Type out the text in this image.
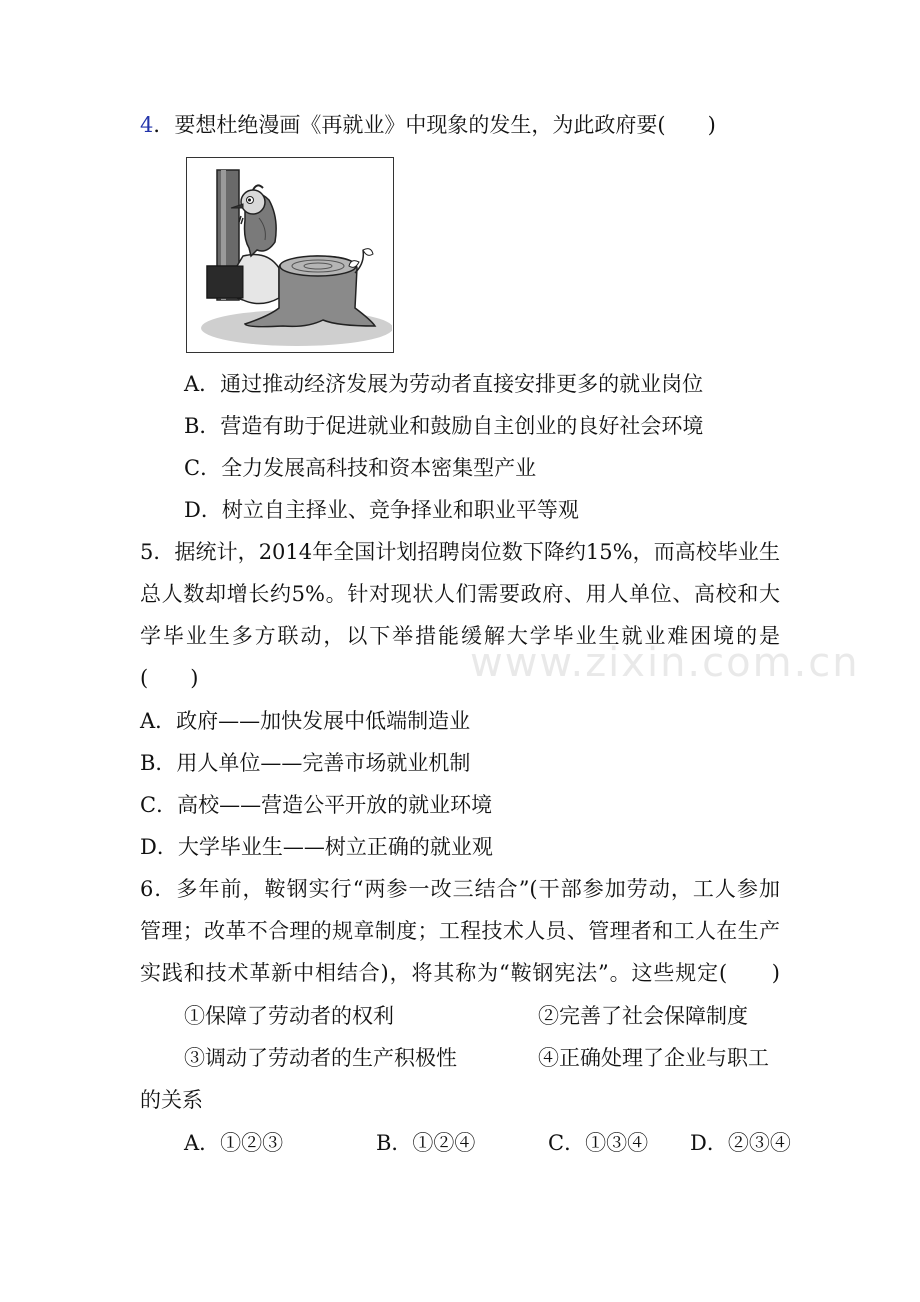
4．要想杜绝漫画《再就业》中现象的发生，为此政府要(　　)
A．通过推动经济发展为劳动者直接安排更多的就业岗位
B．营造有助于促进就业和鼓励自主创业的良好社会环境
C．全力发展高科技和资本密集型产业
D．树立自主择业、竞争择业和职业平等观
www.zixin.com.cn
5．据统计，2014年全国计划招聘岗位数下降约15%，而高校毕业生
总人数却增长约5%。针对现状人们需要政府、用人单位、高校和大
学毕业生多方联动，以下举措能缓解大学毕业生就业难困境的是
(　　)
A．政府——加快发展中低端制造业
B．用人单位——完善市场就业机制
C．高校——营造公平开放的就业环境
D．大学毕业生——树立正确的就业观
6．多年前，鞍钢实行“两参一改三结合”(干部参加劳动，工人参加
管理；改革不合理的规章制度；工程技术人员、管理者和工人在生产
实践和技术革新中相结合)，将其称为“鞍钢宪法”。这些规定(　　)
①保障了劳动者的权利	②完善了社会保障制度
③调动了劳动者的生产积极性	④正确处理了企业与职工
的关系
A．①②③	B．①②④	C．①③④ D．②③④
